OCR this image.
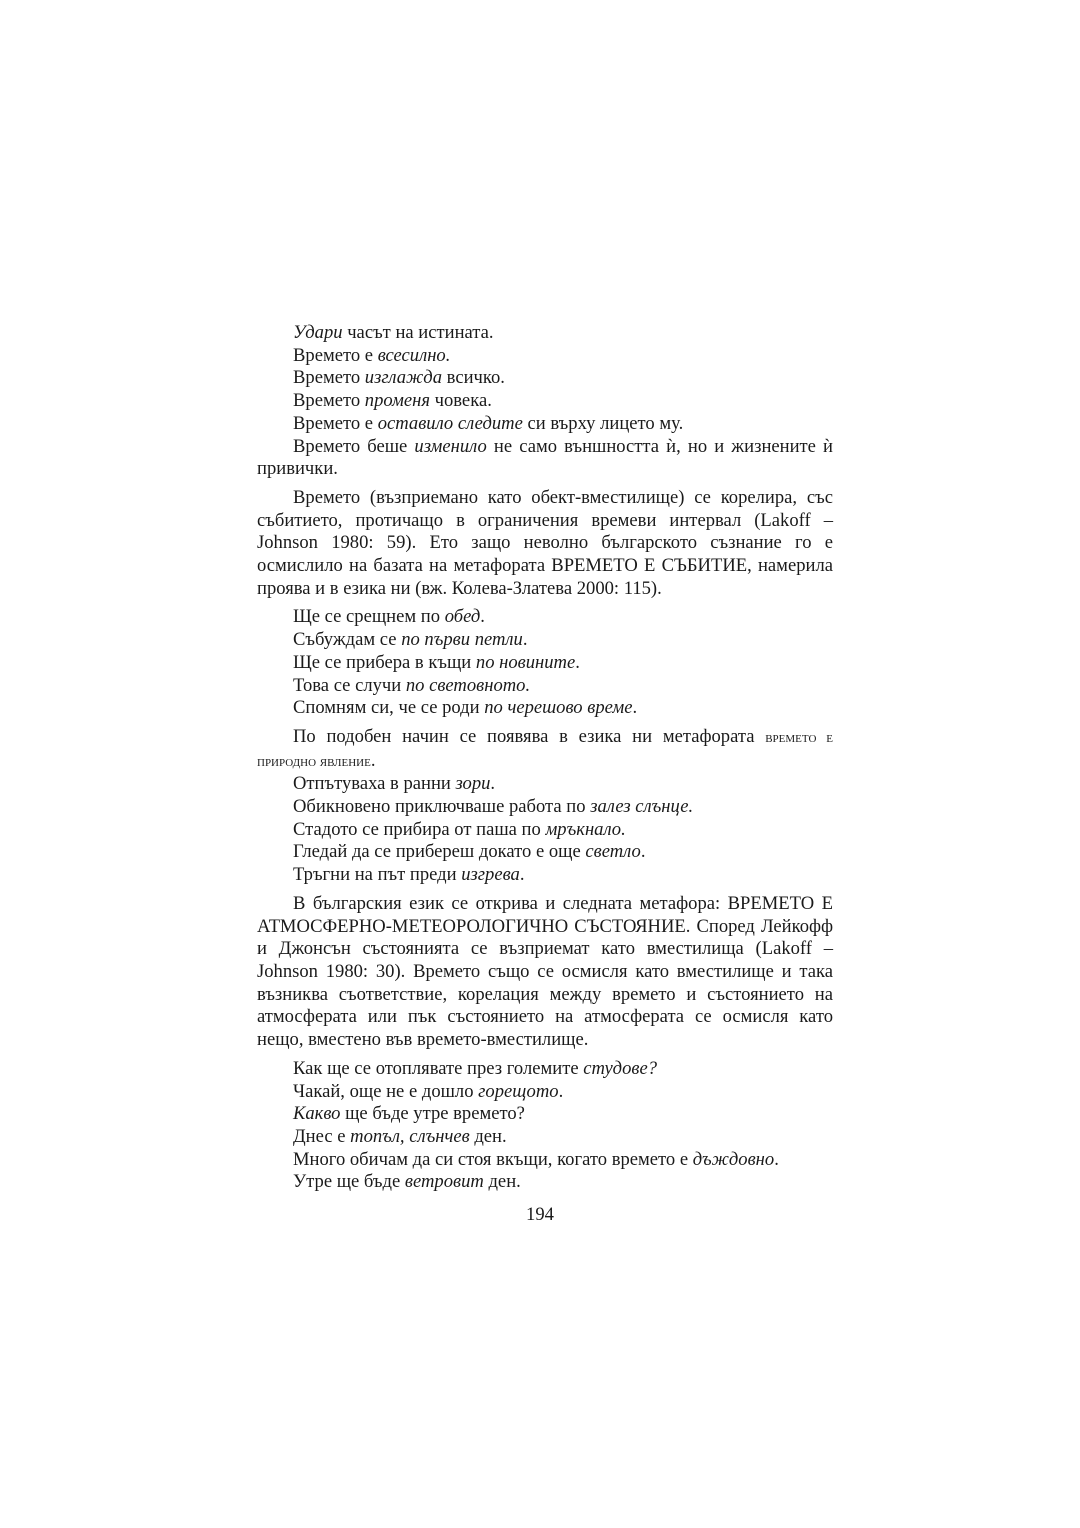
Удари часът на истината.

Времето е всесилно.

Времето изглажда всичко.

Времето променя човека.

Времето е оставило следите си върху лицето му.

Времето беше изменило не само външността ѝ, но и жизнените ѝ привички.

Времето (възприемано като обект-вместилище) се корелира, със събитието, протичащо в ограничения времеви интервал (Lakoff – Johnson 1980: 59). Ето защо неволно българското съзнание го е осмислило на базата на метафората ВРЕМЕТО Е СЪБИТИЕ, намерила проява и в езика ни (вж. Колева-Златева 2000: 115).

Ще се срещнем по обед.

Събуждам се по първи петли.

Ще се прибера в къщи по новините.

Това се случи по световното.

Спомням си, че се роди по черешово време.

По подобен начин се появява в езика ни метафората времето е природно явление.

Отпътуваха в ранни зори.

Обикновено приключваше работа по залез слънце.

Стадото се прибира от паша по мръкнало.

Гледай да се прибереш докато е още светло.

Тръгни на път преди изгрева.

В българския език се открива и следната метафора: ВРЕМЕТО Е АТМОСФЕРНО-МЕТЕОРОЛОГИЧНО СЪСТОЯНИЕ. Според Лейкофф и Джонсън състоянията се възприемат като вместилища (Lakoff – Johnson 1980: 30). Времето също се осмисля като вместилище и така възниква съответствие, корелация между времето и състоянието на атмосферата или пък състоянието на атмосферата се осмисля като нещо, вместено във времето-вместилище.

Как ще се отоплявате през големите студове?

Чакай, още не е дошло горещото.

Какво ще бъде утре времето?

Днес е топъл, слънчев ден.

Много обичам да си стоя вкъщи, когато времето е дъждовно.

Утре ще бъде ветровит ден.

194
